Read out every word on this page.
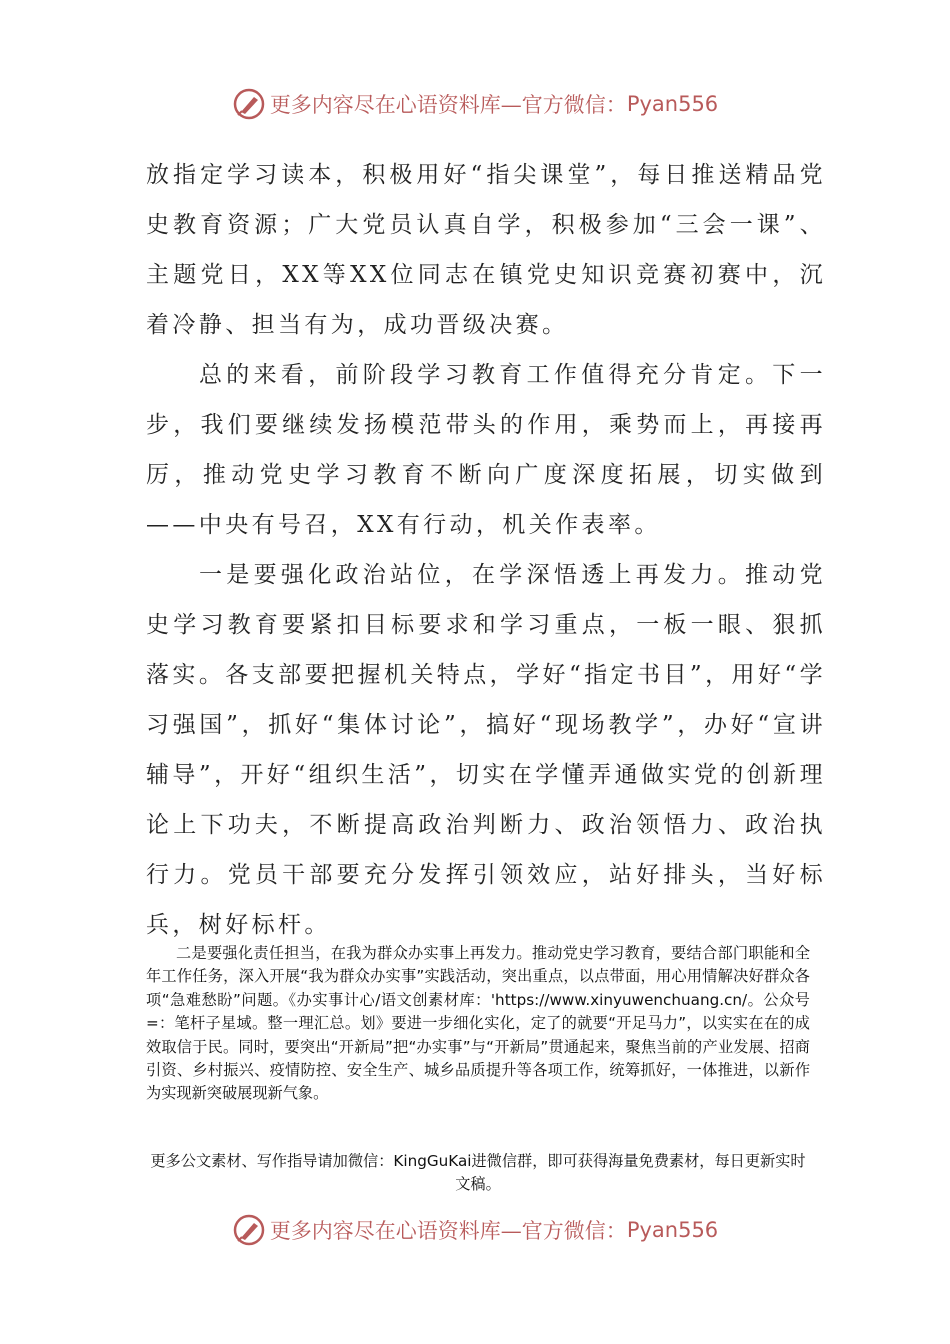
更多内容尽在心语资料库—官方微信： Pyan556

放指定学习读本，积极用好“指尖课堂”，每日推送精品党史教育资源；广大党员认真自学，积极参加“三会一课”、主题党日，XX等XX位同志在镇党史知识竞赛初赛中，沉着冷静、担当有为，成功晋级决赛。

总的来看，前阶段学习教育工作值得充分肯定。下一步，我们要继续发扬模范带头的作用，乘势而上，再接再厉，推动党史学习教育不断向广度深度拓展，切实做到——中央有号召，XX有行动，机关作表率。

一是要强化政治站位，在学深悟透上再发力。推动党史学习教育要紧扣目标要求和学习重点，一板一眼、狠抓落实。各支部要把握机关特点，学好“指定书目”，用好“学习强国”，抓好“集体讨论”，搞好“现场教学”，办好“宣讲辅导”，开好“组织生活”，切实在学懂弄通做实党的创新理论上下功夫，不断提高政治判断力、政治领悟力、政治执行力。党员干部要充分发挥引领效应，站好排头，当好标兵，树好标杆。

二是要强化责任担当，在我为群众办实事上再发力。推动党史学习教育，要结合部门职能和全年工作任务，深入开展“我为群众办实事”实践活动，突出重点，以点带面，用心用情解决好群众各项“急难愁盼”问题。《办实事计心/语文创素材库：'https://www.xinyuwenchuang.cn/。公众号=：笔杆子星域。整一理汇总。划》要进一步细化实化，定了的就要“开足马力”，以实实在在的成效取信于民。同时，要突出“开新局”把“办实事”与“开新局”贯通起来，聚焦当前的产业发展、招商引资、乡村振兴、疫情防控、安全生产、城乡品质提升等各项工作，统筹抓好，一体推进，以新作为实现新突破展现新气象。

更多公文素材、写作指导请加微信：KingGuKai进微信群，即可获得海量免费素材，每日更新实时文稿。
更多内容尽在心语资料库—官方微信： Pyan556
